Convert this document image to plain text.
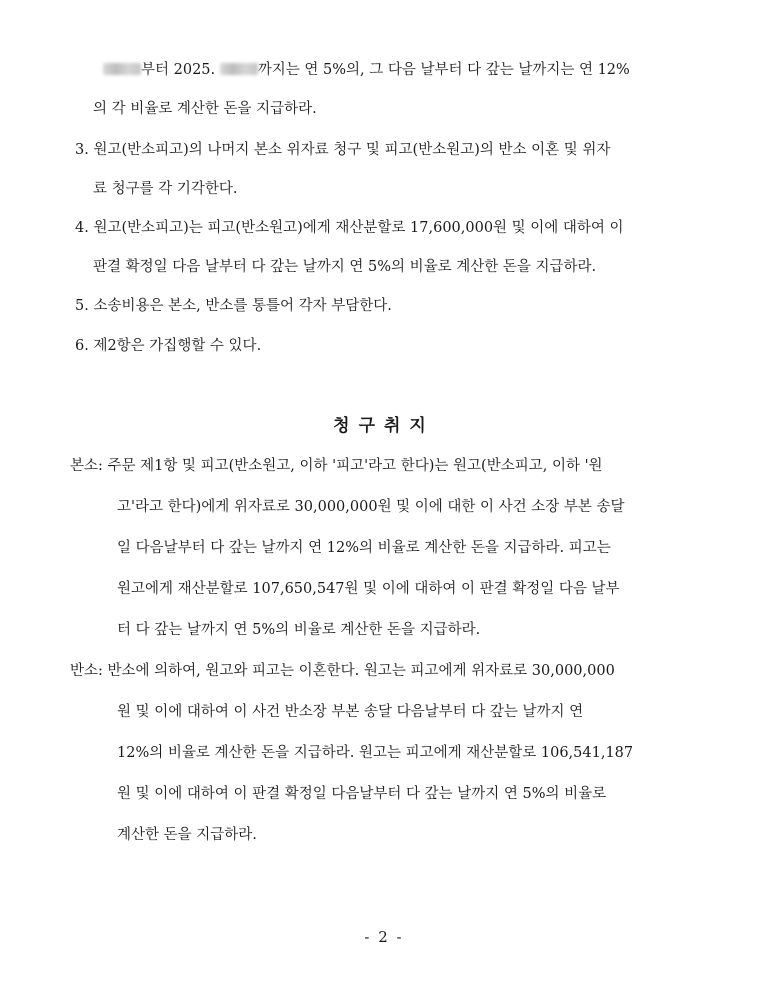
부터 2025.	까지는 연 5%의, 그 다음 날부터 다 갚는 날까지는 연 12%
의 각 비율로 계산한 돈을 지급하라.
3. 원고(반소피고)의 나머지 본소 위자료 청구 및 피고(반소원고)의 반소 이혼 및 위자
료 청구를 각 기각한다.
4. 원고(반소피고)는 피고(반소원고)에게 재산분할로 17,600,000원 및 이에 대하여 이
판결 확정일 다음 날부터 다 갚는 날까지 연 5%의 비율로 계산한 돈을 지급하라.
5. 소송비용은 본소, 반소를 통틀어 각자 부담한다.
6. 제2항은 가집행할 수 있다.
청구취지
본소: 주문 제1항 및 피고(반소원고, 이하 '피고'라고 한다)는 원고(반소피고, 이하 '원
고'라고 한다)에게 위자료로 30,000,000원 및 이에 대한 이 사건 소장 부본 송달
일 다음날부터 다 갚는 날까지 연 12%의 비율로 계산한 돈을 지급하라. 피고는
원고에게 재산분할로 107,650,547원 및 이에 대하여 이 판결 확정일 다음 날부
터 다 갚는 날까지 연 5%의 비율로 계산한 돈을 지급하라.
반소: 반소에 의하여, 원고와 피고는 이혼한다. 원고는 피고에게 위자료로 30,000,000
원 및 이에 대하여 이 사건 반소장 부본 송달 다음날부터 다 갚는 날까지 연
12%의 비율로 계산한 돈을 지급하라. 원고는 피고에게 재산분할로 106,541,187
원 및 이에 대하여 이 판결 확정일 다음날부터 다 갚는 날까지 연 5%의 비율로
계산한 돈을 지급하라.
- 2 -
